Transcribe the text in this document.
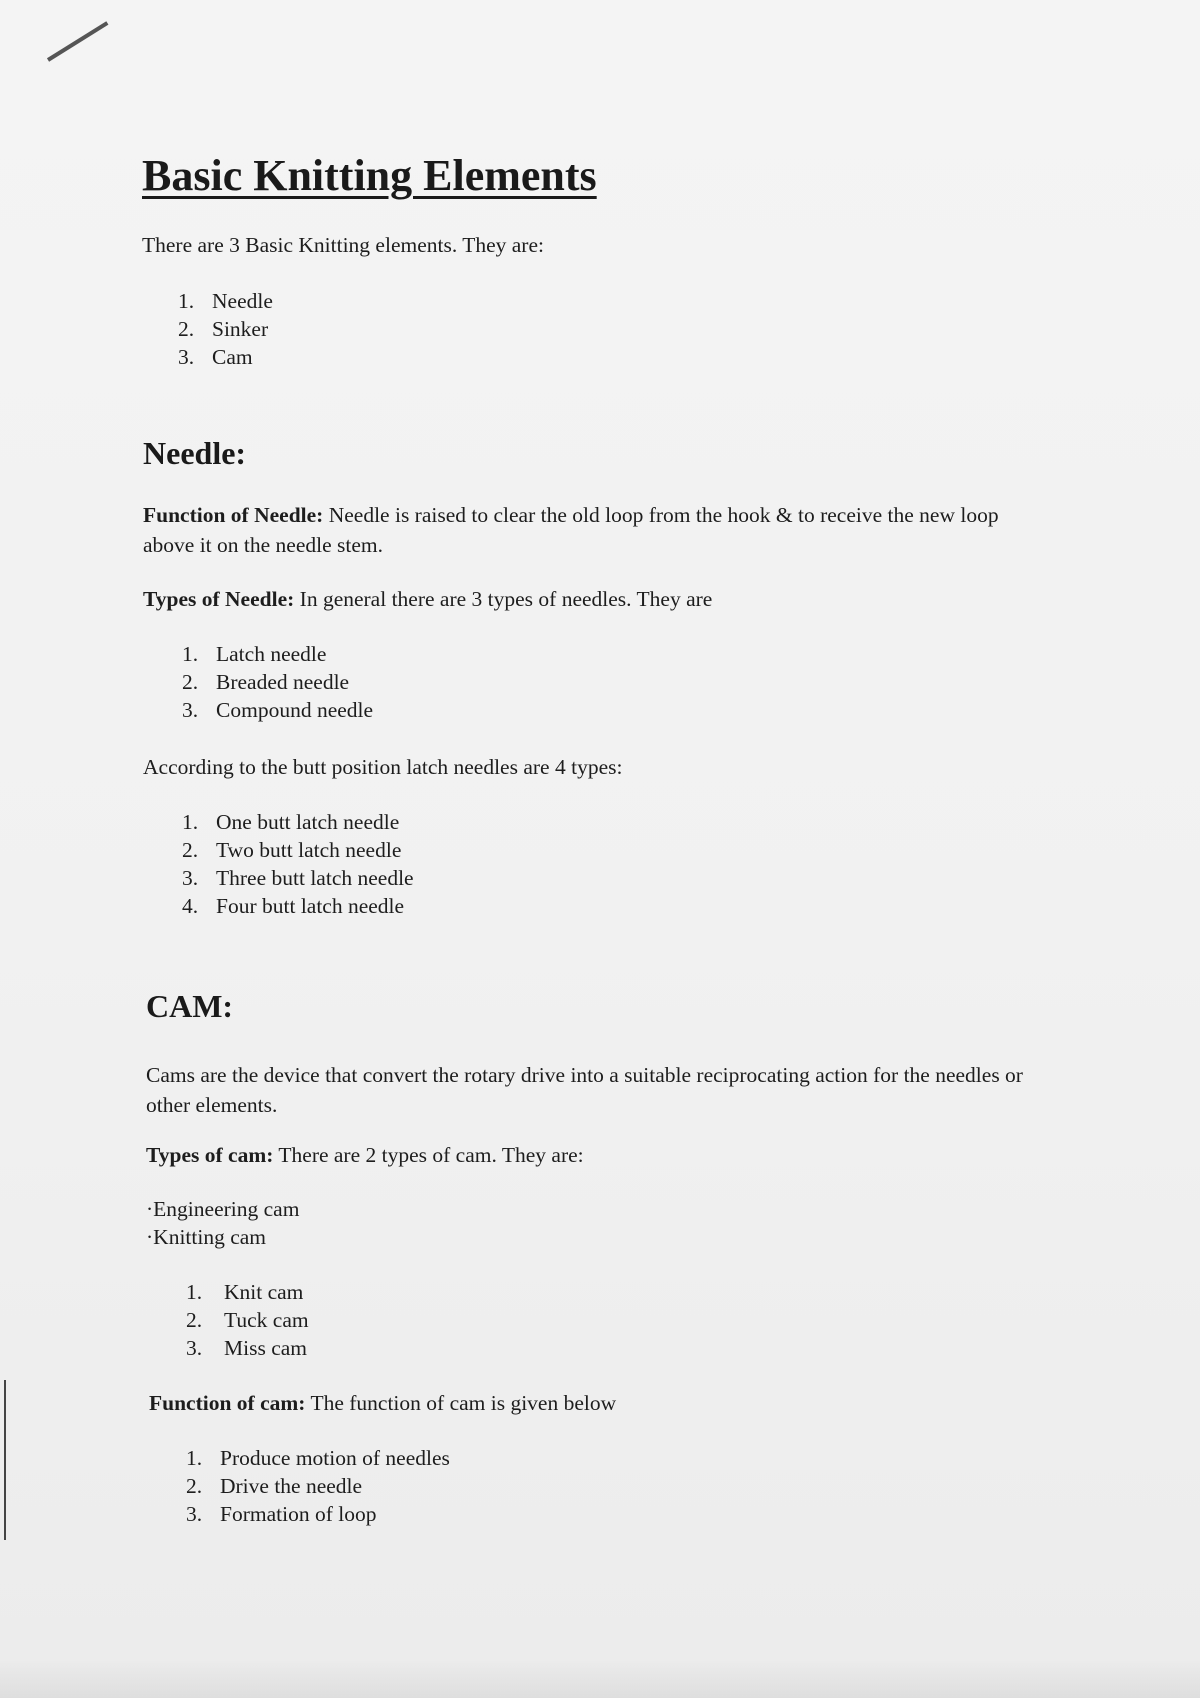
Basic Knitting Elements

There are 3 Basic Knitting elements. They are:

1. Needle
2. Sinker
3. Cam
Needle:

Function of Needle: Needle is raised to clear the old loop from the hook & to receive the new loop above it on the needle stem.

Types of Needle: In general there are 3 types of needles. They are

1. Latch needle
2. Breaded needle
3. Compound needle

According to the butt position latch needles are 4 types:

1. One butt latch needle
2. Two butt latch needle
3. Three butt latch needle
4. Four butt latch needle
CAM:

Cams are the device that convert the rotary drive into a suitable reciprocating action for the needles or other elements.

Types of cam: There are 2 types of cam. They are:

· Engineering cam
· Knitting cam
1.	Knit cam
2.	Tuck cam
3.	Miss cam

Function of cam: The function of cam is given below

1. Produce motion of needles
2. Drive the needle
3. Formation of loop
